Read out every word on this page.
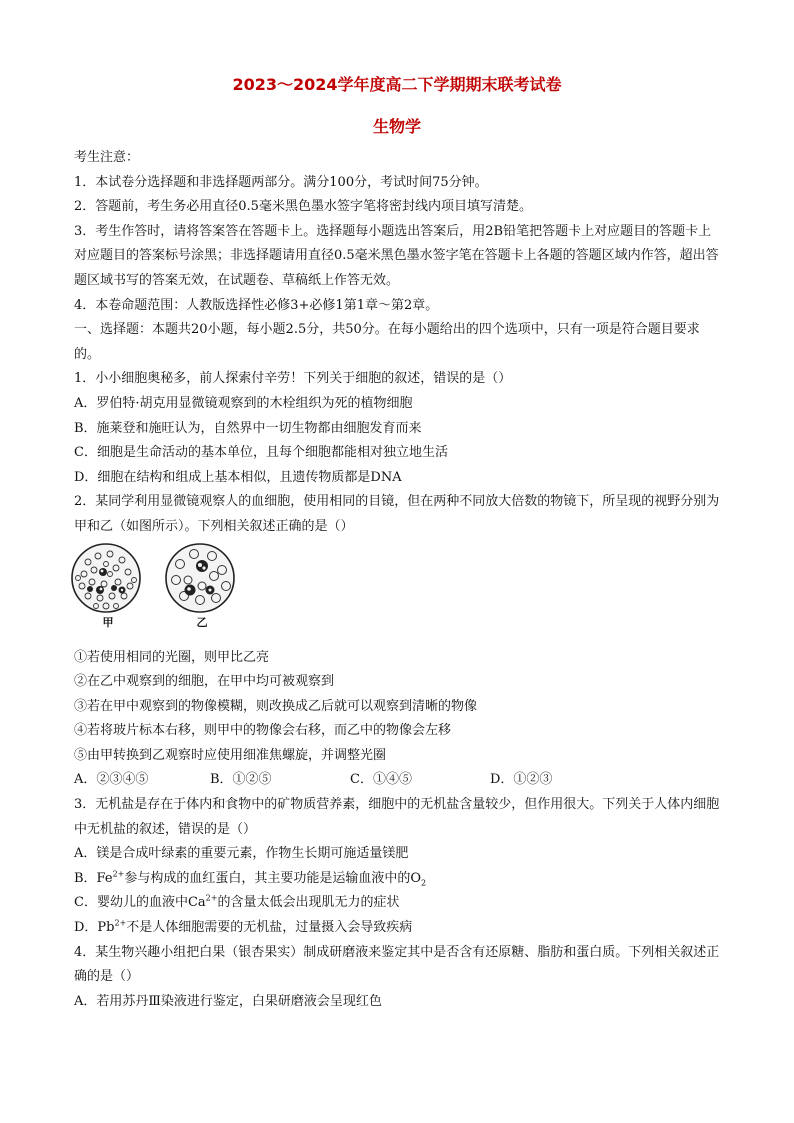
2023～2024学年度高二下学期期末联考试卷
生物学
考生注意：
1．本试卷分选择题和非选择题两部分。满分100分，考试时间75分钟。
2．答题前，考生务必用直径0.5毫米黑色墨水签字笔将密封线内项目填写清楚。
3．考生作答时，请将答案答在答题卡上。选择题每小题选出答案后，用2B铅笔把答题卡上对应题目的答题卡上对应题目的答案标号涂黑；非选择题请用直径0.5毫米黑色墨水签字笔在答题卡上各题的答题区域内作答，超出答题区域书写的答案无效，在试题卷、草稿纸上作答无效。
4．本卷命题范围：人教版选择性必修3+必修1第1章～第2章。
一、选择题：本题共20小题，每小题2.5分，共50分。在每小题给出的四个选项中，只有一项是符合题目要求的。
1．小小细胞奥秘多，前人探索付辛劳！下列关于细胞的叙述，错误的是（）
A．罗伯特·胡克用显微镜观察到的木栓组织为死的植物细胞
B．施莱登和施旺认为，自然界中一切生物都由细胞发育而来
C．细胞是生命活动的基本单位，且每个细胞都能相对独立地生活
D．细胞在结构和组成上基本相似，且遗传物质都是DNA
2．某同学利用显微镜观察人的血细胞，使用相同的目镜，但在两种不同放大倍数的物镜下，所呈现的视野分别为甲和乙（如图所示）。下列相关叙述正确的是（）
甲	乙
①若使用相同的光圈，则甲比乙亮
②在乙中观察到的细胞，在甲中均可被观察到
③若在甲中观察到的物像模糊，则改换成乙后就可以观察到清晰的物像
④若将玻片标本右移，则甲中的物像会右移，而乙中的物像会左移
⑤由甲转换到乙观察时应使用细准焦螺旋，并调整光圈
A．②③④⑤	B．①②⑤	C．①④⑤	D．①②③
3．无机盐是存在于体内和食物中的矿物质营养素，细胞中的无机盐含量较少，但作用很大。下列关于人体内细胞中无机盐的叙述，错误的是（）
A．镁是合成叶绿素的重要元素，作物生长期可施适量镁肥
B．$Fe^{2+}$参与构成的血红蛋白，其主要功能是运输血液中的$O_2$
C．婴幼儿的血液中$Ca^{2+}$的含量太低会出现肌无力的症状
D．$Pb^{2+}$不是人体细胞需要的无机盐，过量摄入会导致疾病
4．某生物兴趣小组把白果（银杏果实）制成研磨液来鉴定其中是否含有还原糖、脂肪和蛋白质。下列相关叙述正确的是（）
A．若用苏丹Ⅲ染液进行鉴定，白果研磨液会呈现红色
